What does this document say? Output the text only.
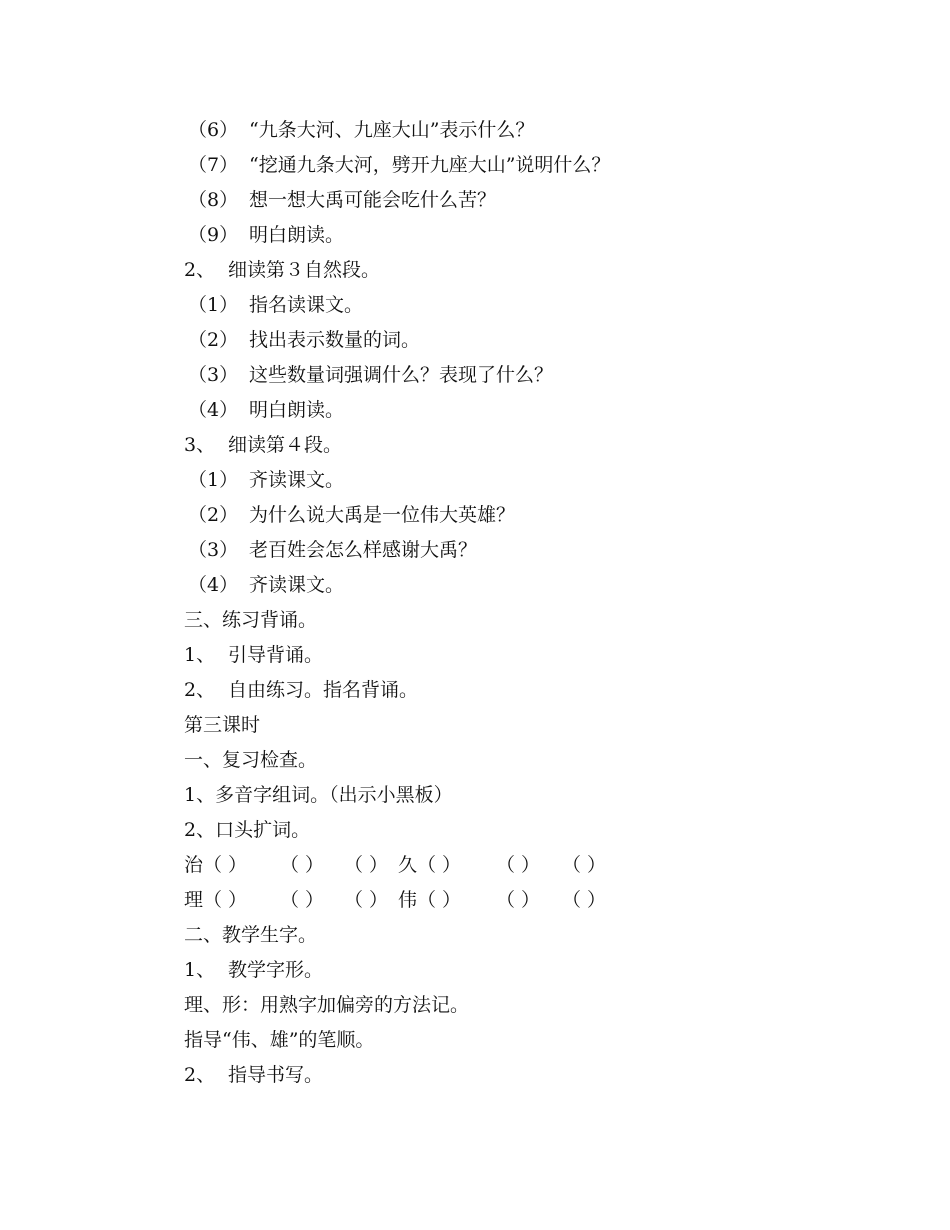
（6） “九条大河、九座大山”表示什么？
（7） “挖通九条大河，劈开九座大山”说明什么？
（8） 想一想大禹可能会吃什么苦？
（9） 明白朗读。
2、 细读第３自然段。
（1） 指名读课文。
（2） 找出表示数量的词。
（3） 这些数量词强调什么？表现了什么？
（4） 明白朗读。
3、 细读第４段。
（1） 齐读课文。
（2） 为什么说大禹是一位伟大英雄？
（3） 老百姓会怎么样感谢大禹？
（4） 齐读课文。
三、练习背诵。
1、 引导背诵。
2、 自由练习。指名背诵。
第三课时
一、复习检查。
1、多音字组词。（出示小黑板）
2、口头扩词。
治（ ） （ ） （ ） 久（ ） （ ） （ ）
理（ ） （ ） （ ） 伟（ ） （ ） （ ）
二、教学生字。
1、 教学字形。
理、形：用熟字加偏旁的方法记。
指导“伟、雄”的笔顺。
2、 指导书写。
